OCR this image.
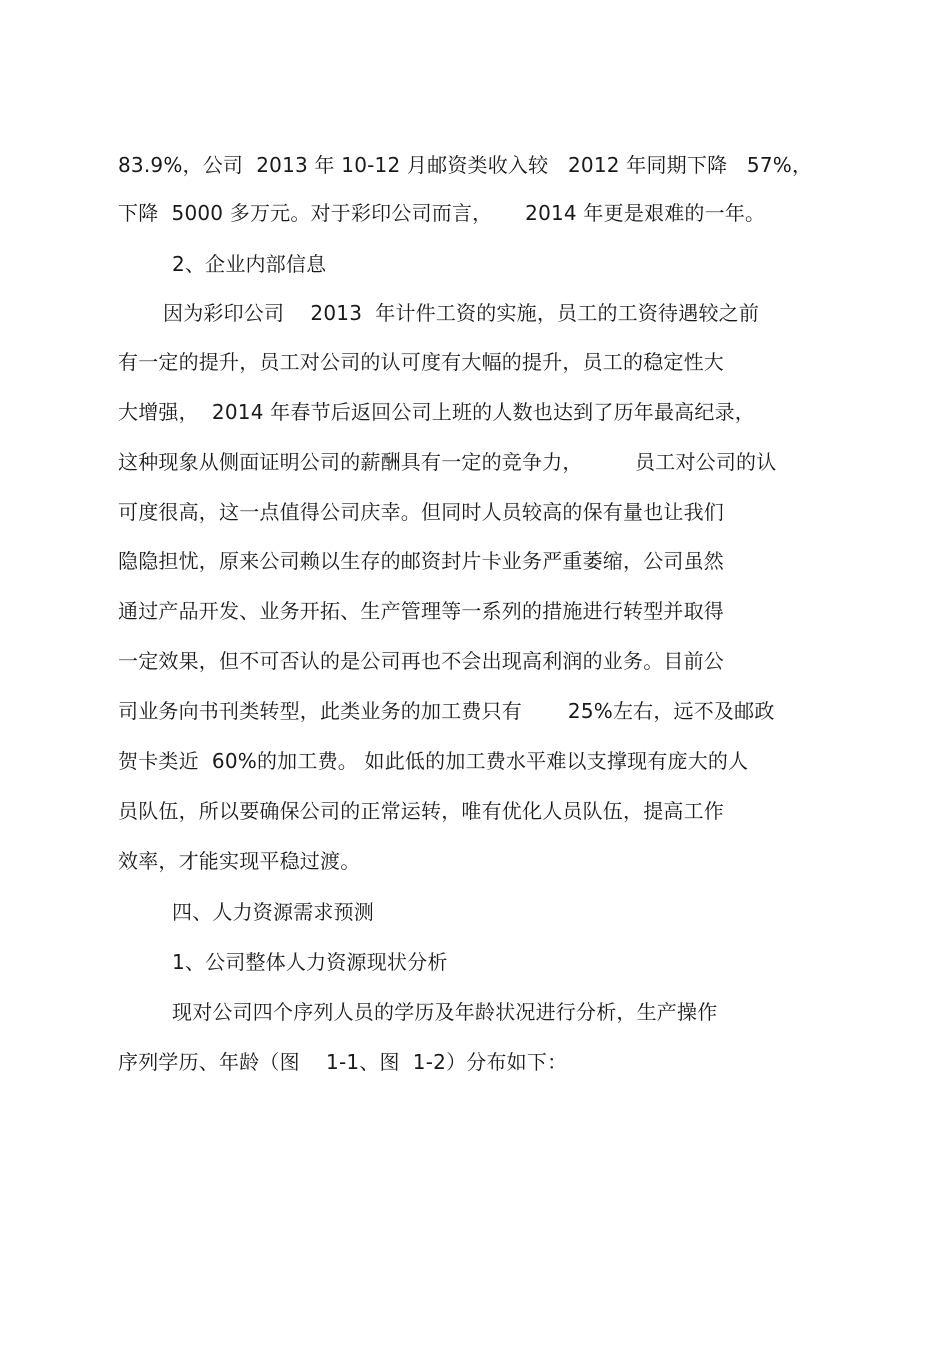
83.9%，公司  2013 年 10-12 月邮资类收入较   2012 年同期下降   57%，
下降  5000 多万元。对于彩印公司而言，     2014 年更是艰难的一年。
2、企业内部信息
因为彩印公司    2013  年计件工资的实施，员工的工资待遇较之前
有一定的提升，员工对公司的认可度有大幅的提升，员工的稳定性大
大增强，  2014 年春节后返回公司上班的人数也达到了历年最高纪录，
这种现象从侧面证明公司的薪酬具有一定的竞争力，        员工对公司的认
可度很高，这一点值得公司庆幸。但同时人员较高的保有量也让我们
隐隐担忧，原来公司赖以生存的邮资封片卡业务严重萎缩，公司虽然
通过产品开发、业务开拓、生产管理等一系列的措施进行转型并取得
一定效果，但不可否认的是公司再也不会出现高利润的业务。目前公
司业务向书刊类转型，此类业务的加工费只有       25%左右，远不及邮政
贺卡类近  60%的加工费。 如此低的加工费水平难以支撑现有庞大的人
员队伍，所以要确保公司的正常运转，唯有优化人员队伍，提高工作
效率，才能实现平稳过渡。
四、人力资源需求预测
1、公司整体人力资源现状分析
现对公司四个序列人员的学历及年龄状况进行分析，生产操作
序列学历、年龄（图    1-1、图  1-2）分布如下：
